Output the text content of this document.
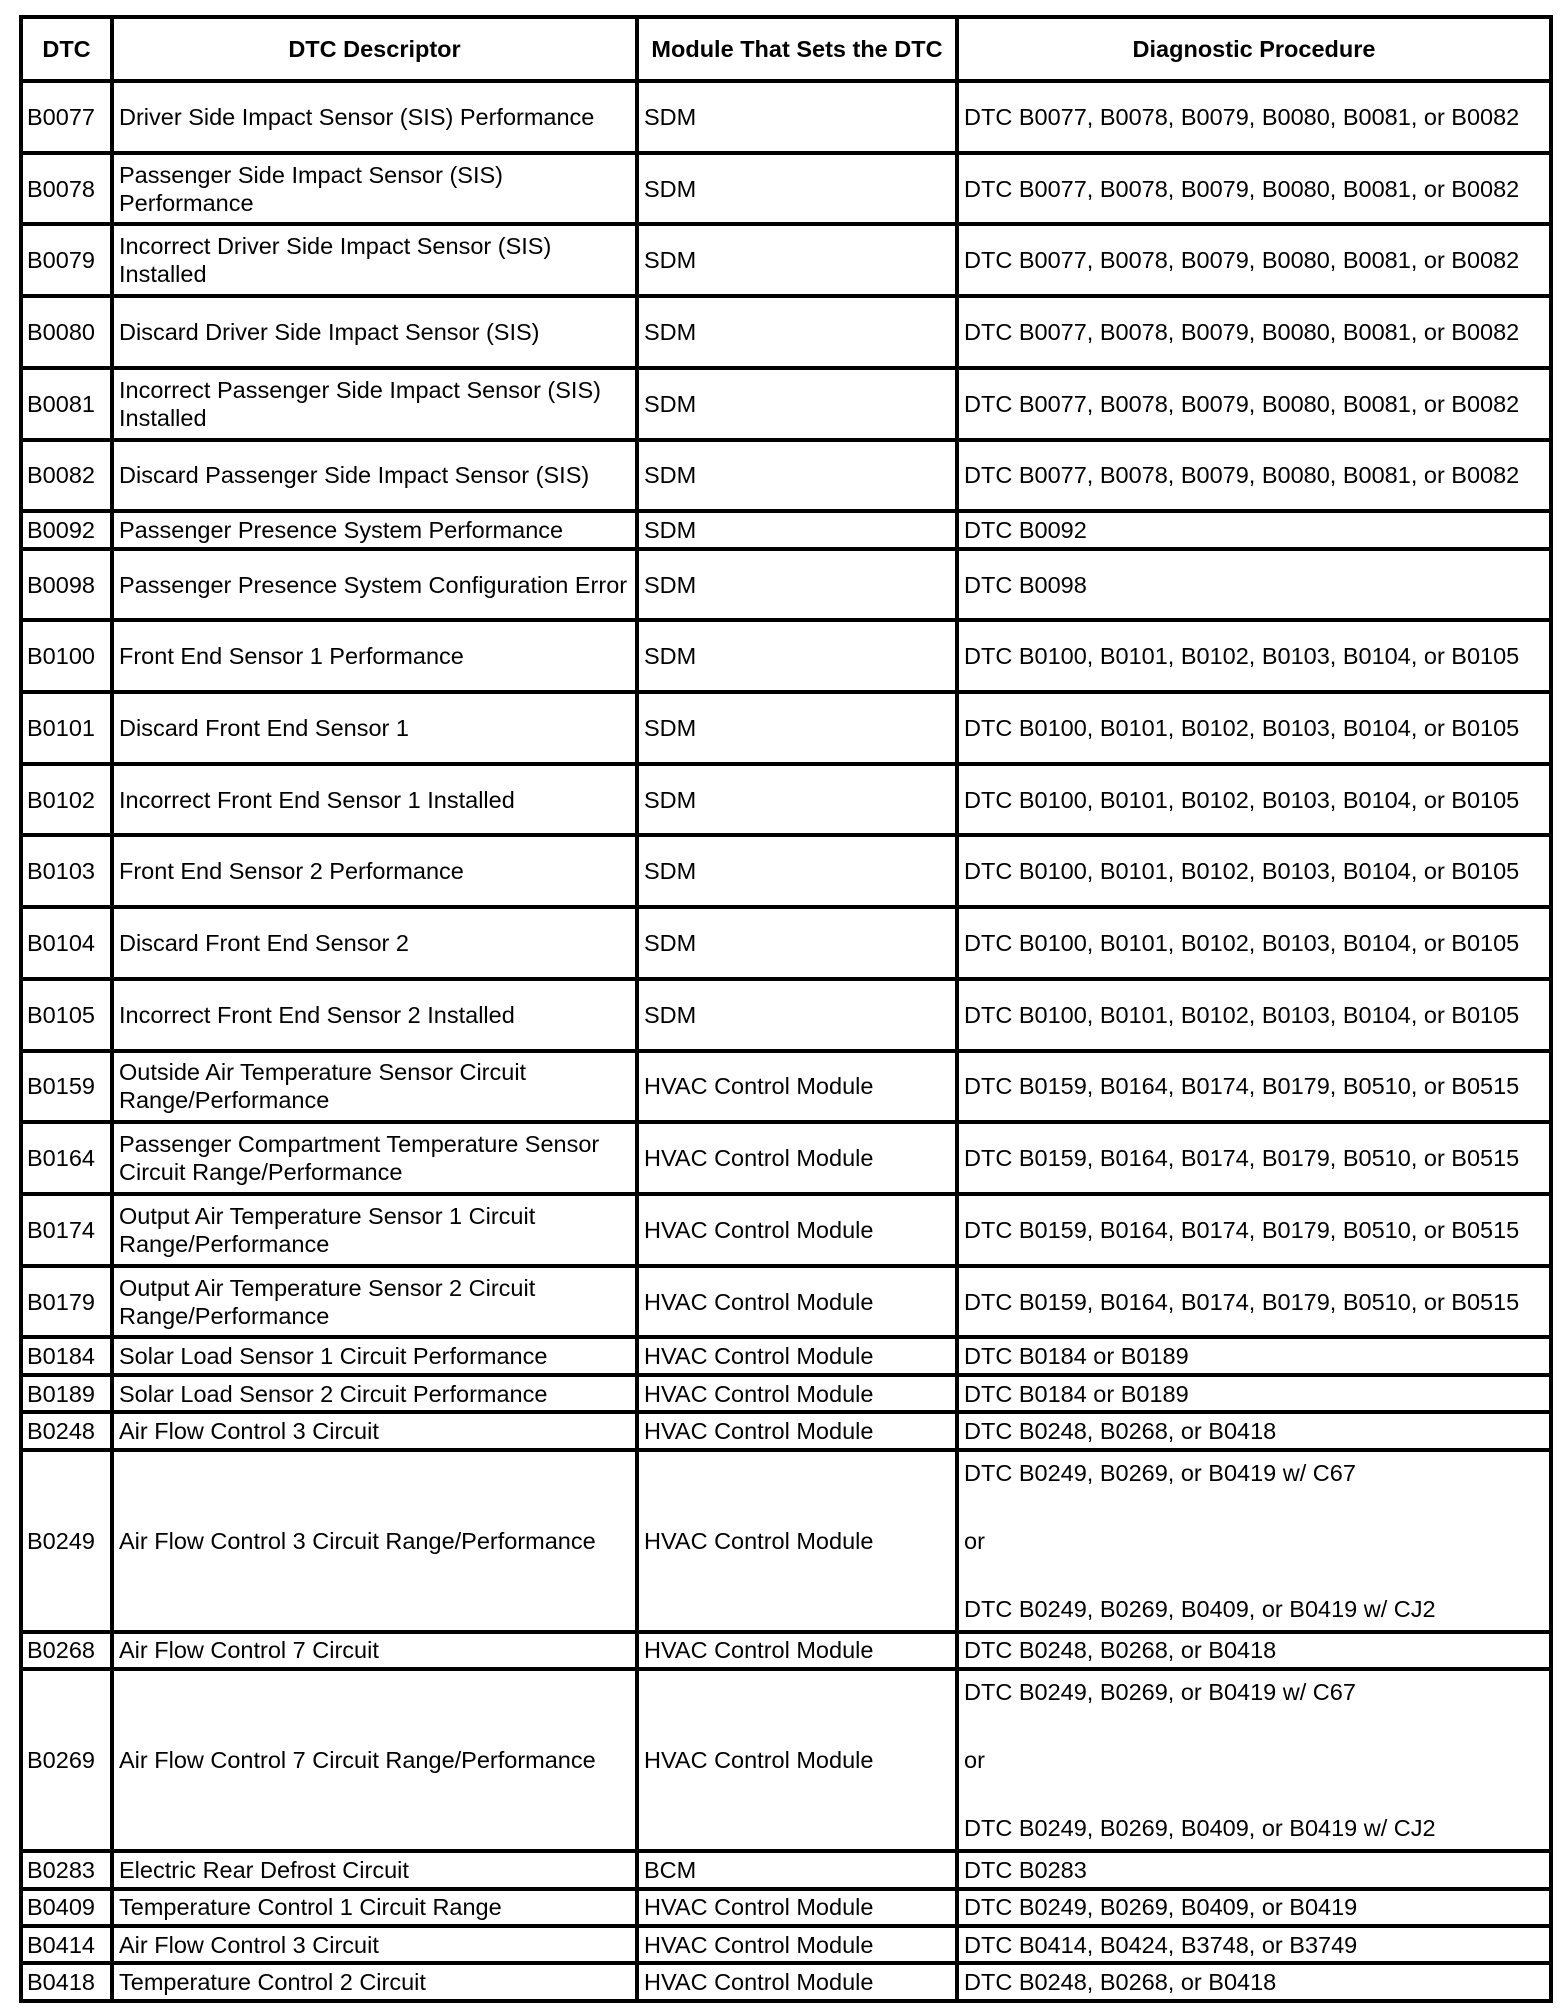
DTC	DTC Descriptor	Module That Sets the DTC	Diagnostic Procedure
B0077	Driver Side Impact Sensor (SIS) Performance	SDM	DTC B0077, B0078, B0079, B0080, B0081, or B0082
B0078	Passenger Side Impact Sensor (SIS) Performance	SDM	DTC B0077, B0078, B0079, B0080, B0081, or B0082
B0079	Incorrect Driver Side Impact Sensor (SIS) Installed	SDM	DTC B0077, B0078, B0079, B0080, B0081, or B0082
B0080	Discard Driver Side Impact Sensor (SIS)	SDM	DTC B0077, B0078, B0079, B0080, B0081, or B0082
B0081	Incorrect Passenger Side Impact Sensor (SIS) Installed	SDM	DTC B0077, B0078, B0079, B0080, B0081, or B0082
B0082	Discard Passenger Side Impact Sensor (SIS)	SDM	DTC B0077, B0078, B0079, B0080, B0081, or B0082
B0092	Passenger Presence System Performance	SDM	DTC B0092
B0098	Passenger Presence System Configuration Error	SDM	DTC B0098
B0100	Front End Sensor 1 Performance	SDM	DTC B0100, B0101, B0102, B0103, B0104, or B0105
B0101	Discard Front End Sensor 1	SDM	DTC B0100, B0101, B0102, B0103, B0104, or B0105
B0102	Incorrect Front End Sensor 1 Installed	SDM	DTC B0100, B0101, B0102, B0103, B0104, or B0105
B0103	Front End Sensor 2 Performance	SDM	DTC B0100, B0101, B0102, B0103, B0104, or B0105
B0104	Discard Front End Sensor 2	SDM	DTC B0100, B0101, B0102, B0103, B0104, or B0105
B0105	Incorrect Front End Sensor 2 Installed	SDM	DTC B0100, B0101, B0102, B0103, B0104, or B0105
B0159	Outside Air Temperature Sensor Circuit Range/Performance	HVAC Control Module	DTC B0159, B0164, B0174, B0179, B0510, or B0515
B0164	Passenger Compartment Temperature Sensor Circuit Range/Performance	HVAC Control Module	DTC B0159, B0164, B0174, B0179, B0510, or B0515
B0174	Output Air Temperature Sensor 1 Circuit Range/Performance	HVAC Control Module	DTC B0159, B0164, B0174, B0179, B0510, or B0515
B0179	Output Air Temperature Sensor 2 Circuit Range/Performance	HVAC Control Module	DTC B0159, B0164, B0174, B0179, B0510, or B0515
B0184	Solar Load Sensor 1 Circuit Performance	HVAC Control Module	DTC B0184 or B0189
B0189	Solar Load Sensor 2 Circuit Performance	HVAC Control Module	DTC B0184 or B0189
B0248	Air Flow Control 3 Circuit	HVAC Control Module	DTC B0248, B0268, or B0418
B0249	Air Flow Control 3 Circuit Range/Performance	HVAC Control Module	DTC B0249, B0269, or B0419 w/ C67
or
DTC B0249, B0269, B0409, or B0419 w/ CJ2

B0268	Air Flow Control 7 Circuit	HVAC Control Module	DTC B0248, B0268, or B0418
B0269	Air Flow Control 7 Circuit Range/Performance	HVAC Control Module	DTC B0249, B0269, or B0419 w/ C67
or
DTC B0249, B0269, B0409, or B0419 w/ CJ2

B0283	Electric Rear Defrost Circuit	BCM	DTC B0283
B0409	Temperature Control 1 Circuit Range	HVAC Control Module	DTC B0249, B0269, B0409, or B0419
B0414	Air Flow Control 3 Circuit	HVAC Control Module	DTC B0414, B0424, B3748, or B3749
B0418	Temperature Control 2 Circuit	HVAC Control Module	DTC B0248, B0268, or B0418
